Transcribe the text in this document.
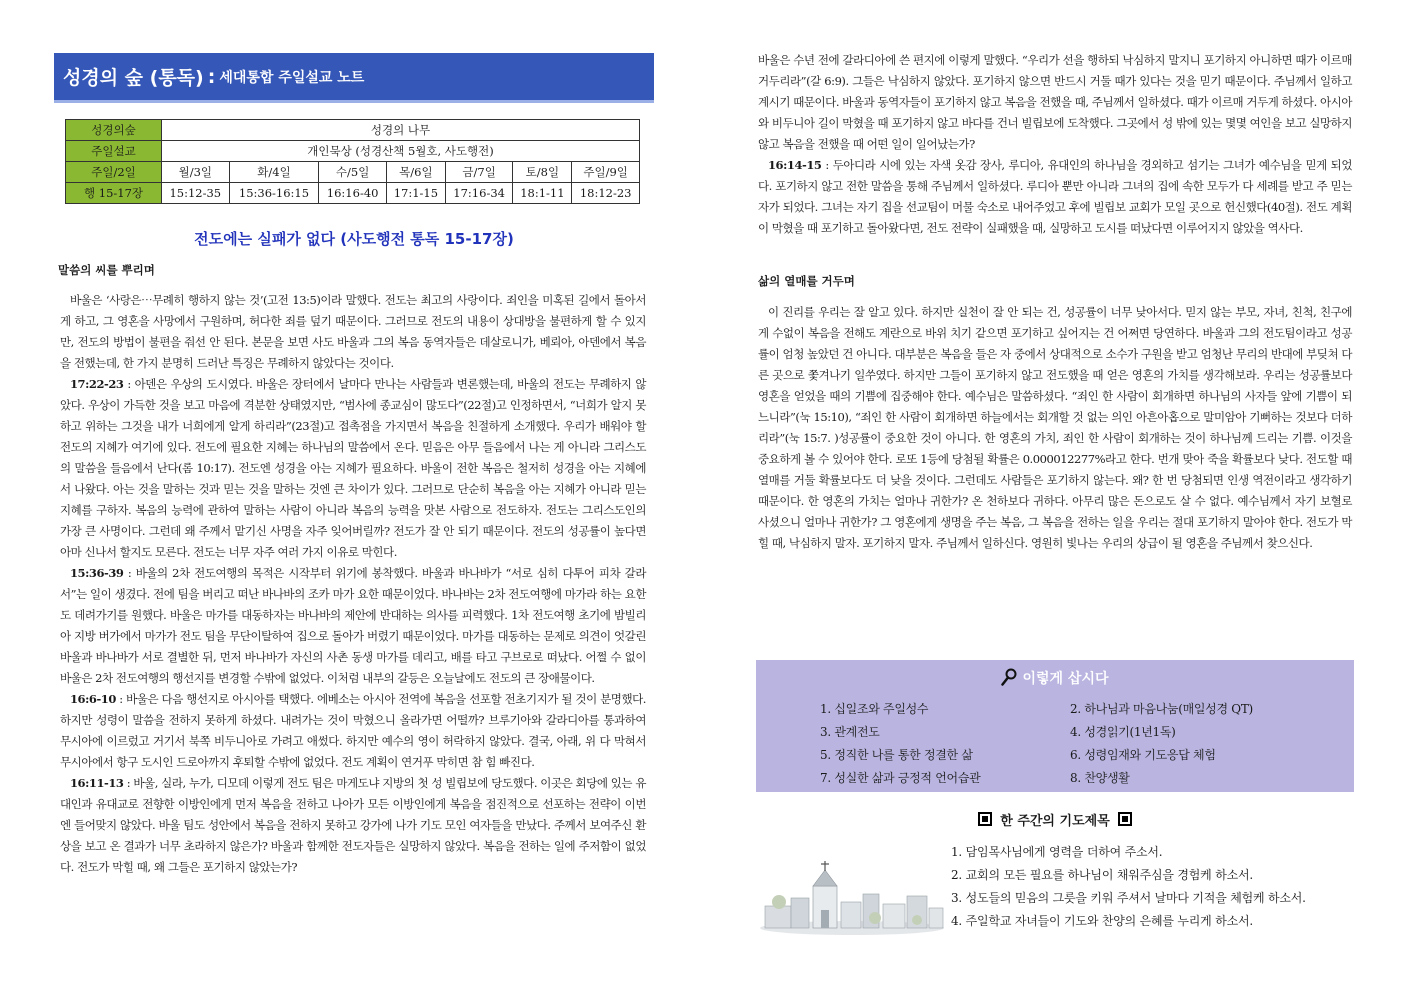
성경의 숲 (통독) : 세대통합 주일설교 노트
성경의숲	성경의 나무						
주일설교	개인묵상 (성경산책 5월호, 사도행전)						
주일/2일	월/3일	화/4일	수/5일	목/6일	금/7일	토/8일	주일/9일
행 15-17장	15:12-35	15:36-16:15	16:16-40	17:1-15	17:16-34	18:1-11	18:12-23
전도에는 실패가 없다 (사도행전 통독 15-17장)
말씀의 씨를 뿌리며

바울은 ‘사랑은⋯무례히 행하지 않는 것’(고전 13:5)이라 말했다. 전도는 최고의 사랑이다. 죄인을 미혹된 길에서 돌아서게 하고, 그 영혼을 사망에서 구원하며, 허다한 죄를 덮기 때문이다. 그러므로 전도의 내용이 상대방을 불편하게 할 수 있지만, 전도의 방법이 불편을 줘선 안 된다. 본문을 보면 사도 바울과 그의 복음 동역자들은 데살로니가, 베뢰아, 아덴에서 복음을 전했는데, 한 가지 분명히 드러난 특징은 무례하지 않았다는 것이다.

17:22-23 : 아덴은 우상의 도시였다. 바울은 장터에서 날마다 만나는 사람들과 변론했는데, 바울의 전도는 무례하지 않았다. 우상이 가득한 것을 보고 마음에 격분한 상태였지만, “범사에 종교심이 많도다”(22절)고 인정하면서, “너희가 알지 못하고 위하는 그것을 내가 너희에게 알게 하리라”(23절)고 접촉점을 가지면서 복음을 친절하게 소개했다. 우리가 배워야 할 전도의 지혜가 여기에 있다. 전도에 필요한 지혜는 하나님의 말씀에서 온다. 믿음은 아무 들음에서 나는 게 아니라 그리스도의 말씀을 들음에서 난다(롬 10:17). 전도엔 성경을 아는 지혜가 필요하다. 바울이 전한 복음은 철저히 성경을 아는 지혜에서 나왔다. 아는 것을 말하는 것과 믿는 것을 말하는 것엔 큰 차이가 있다. 그러므로 단순히 복음을 아는 지혜가 아니라 믿는 지혜를 구하자. 복음의 능력에 관하여 말하는 사람이 아니라 복음의 능력을 맛본 사람으로 전도하자. 전도는 그리스도인의 가장 큰 사명이다. 그런데 왜 주께서 맡기신 사명을 자주 잊어버릴까? 전도가 잘 안 되기 때문이다. 전도의 성공률이 높다면 아마 신나서 할지도 모른다. 전도는 너무 자주 여러 가지 이유로 막힌다.

15:36-39 : 바울의 2차 전도여행의 목적은 시작부터 위기에 봉착했다. 바울과 바나바가 “서로 심히 다투어 피차 갈라서”는 일이 생겼다. 전에 팀을 버리고 떠난 바나바의 조카 마가 요한 때문이었다. 바나바는 2차 전도여행에 마가라 하는 요한도 데려가기를 원했다. 바울은 마가를 대동하자는 바나바의 제안에 반대하는 의사를 피력했다. 1차 전도여행 초기에 밤빌리아 지방 버가에서 마가가 전도 팀을 무단이탈하여 집으로 돌아가 버렸기 때문이었다. 마가를 대동하는 문제로 의견이 엇갈린 바울과 바나바가 서로 결별한 뒤, 먼저 바나바가 자신의 사촌 동생 마가를 데리고, 배를 타고 구브로로 떠났다. 어쩔 수 없이 바울은 2차 전도여행의 행선지를 변경할 수밖에 없었다. 이처럼 내부의 갈등은 오늘날에도 전도의 큰 장애물이다.

16:6-10 : 바울은 다음 행선지로 아시아를 택했다. 에베소는 아시아 전역에 복음을 선포할 전초기지가 될 것이 분명했다. 하지만 성령이 말씀을 전하지 못하게 하셨다. 내려가는 것이 막혔으니 올라가면 어떨까? 브루기아와 갈라디아를 통과하여 무시아에 이르렀고 거기서 북쪽 비두니아로 가려고 애썼다. 하지만 예수의 영이 허락하지 않았다. 결국, 아래, 위 다 막혀서 무시아에서 항구 도시인 드로아까지 후퇴할 수밖에 없었다. 전도 계획이 연거푸 막히면 참 힘 빠진다.

16:11-13 : 바울, 실라, 누가, 디모데 이렇게 전도 팀은 마게도냐 지방의 첫 성 빌립보에 당도했다. 이곳은 회당에 있는 유대인과 유대교로 전향한 이방인에게 먼저 복음을 전하고 나아가 모든 이방인에게 복음을 점진적으로 선포하는 전략이 이번엔 들어맞지 않았다. 바울 팀도 성안에서 복음을 전하지 못하고 강가에 나가 기도 모인 여자들을 만났다. 주께서 보여주신 환상을 보고 온 결과가 너무 초라하지 않은가? 바울과 함께한 전도자들은 실망하지 않았다. 복음을 전하는 일에 주저함이 없었다. 전도가 막힐 때, 왜 그들은 포기하지 않았는가?

바울은 수년 전에 갈라디아에 쓴 편지에 이렇게 말했다. “우리가 선을 행하되 낙심하지 말지니 포기하지 아니하면 때가 이르매 거두리라”(갈 6:9). 그들은 낙심하지 않았다. 포기하지 않으면 반드시 거둘 때가 있다는 것을 믿기 때문이다. 주님께서 일하고 계시기 때문이다. 바울과 동역자들이 포기하지 않고 복음을 전했을 때, 주님께서 일하셨다. 때가 이르매 거두게 하셨다. 아시아와 비두니아 길이 막혔을 때 포기하지 않고 바다를 건너 빌립보에 도착했다. 그곳에서 성 밖에 있는 몇몇 여인을 보고 실망하지 않고 복음을 전했을 때 어떤 일이 일어났는가?

16:14-15 : 두아디라 시에 있는 자색 옷감 장사, 루디아, 유대인의 하나님을 경외하고 섬기는 그녀가 예수님을 믿게 되었다. 포기하지 않고 전한 말씀을 통해 주님께서 일하셨다. 루디아 뿐만 아니라 그녀의 집에 속한 모두가 다 세례를 받고 주 믿는 자가 되었다. 그녀는 자기 집을 선교팀이 머물 숙소로 내어주었고 후에 빌립보 교회가 모일 곳으로 헌신했다(40절). 전도 계획이 막혔을 때 포기하고 돌아왔다면, 전도 전략이 실패했을 때, 실망하고 도시를 떠났다면 이루어지지 않았을 역사다.

삶의 열매를 거두며

이 진리를 우리는 잘 알고 있다. 하지만 실천이 잘 안 되는 건, 성공률이 너무 낮아서다. 믿지 않는 부모, 자녀, 친척, 친구에게 수없이 복음을 전해도 계란으로 바위 치기 같으면 포기하고 싶어지는 건 어쩌면 당연하다. 바울과 그의 전도팀이라고 성공률이 엄청 높았던 건 아니다. 대부분은 복음을 들은 자 중에서 상대적으로 소수가 구원을 받고 엄청난 무리의 반대에 부딪쳐 다른 곳으로 쫓겨나기 일쑤였다. 하지만 그들이 포기하지 않고 전도했을 때 얻은 영혼의 가치를 생각해보라. 우리는 성공률보다 영혼을 얻었을 때의 기쁨에 집중해야 한다. 예수님은 말씀하셨다. “죄인 한 사람이 회개하면 하나님의 사자들 앞에 기쁨이 되느니라”(눅 15:10), “죄인 한 사람이 회개하면 하늘에서는 회개할 것 없는 의인 아흔아홉으로 말미암아 기뻐하는 것보다 더하리라”(눅 15:7. )성공률이 중요한 것이 아니다. 한 영혼의 가치, 죄인 한 사람이 회개하는 것이 하나님께 드리는 기쁨. 이것을 중요하게 볼 수 있어야 한다. 로또 1등에 당첨될 확률은 0.000012277%라고 한다. 번개 맞아 죽을 확률보다 낮다. 전도할 때 열매를 거둘 확률보다도 더 낮을 것이다. 그런데도 사람들은 포기하지 않는다. 왜? 한 번 당첨되면 인생 역전이라고 생각하기 때문이다. 한 영혼의 가치는 얼마나 귀한가? 온 천하보다 귀하다. 아무리 많은 돈으로도 살 수 없다. 예수님께서 자기 보혈로 사셨으니 얼마나 귀한가? 그 영혼에게 생명을 주는 복음, 그 복음을 전하는 일을 우리는 절대 포기하지 말아야 한다. 전도가 막힐 때, 낙심하지 말자. 포기하지 말자. 주님께서 일하신다. 영원히 빛나는 우리의 상급이 될 영혼을 주님께서 찾으신다.

이렇게 삽시다
1. 십일조와 주일성수	2. 하나님과 마음나눔(매일성경 QT)
3. 관계전도	4. 성경읽기(1년1독)
5. 정직한 나를 통한 정결한 삶	6. 성령임재와 기도응답 체험
7. 성실한 삶과 긍정적 언어습관	8. 찬양생활
한 주간의 기도제목
1. 담임목사님에게 영력을 더하여 주소서.
2. 교회의 모든 필요를 하나님이 채워주심을 경험케 하소서.
3. 성도들의 믿음의 그릇을 키워 주셔서 날마다 기적을 체험케 하소서.
4. 주일학교 자녀들이 기도와 찬양의 은혜를 누리게 하소서.
